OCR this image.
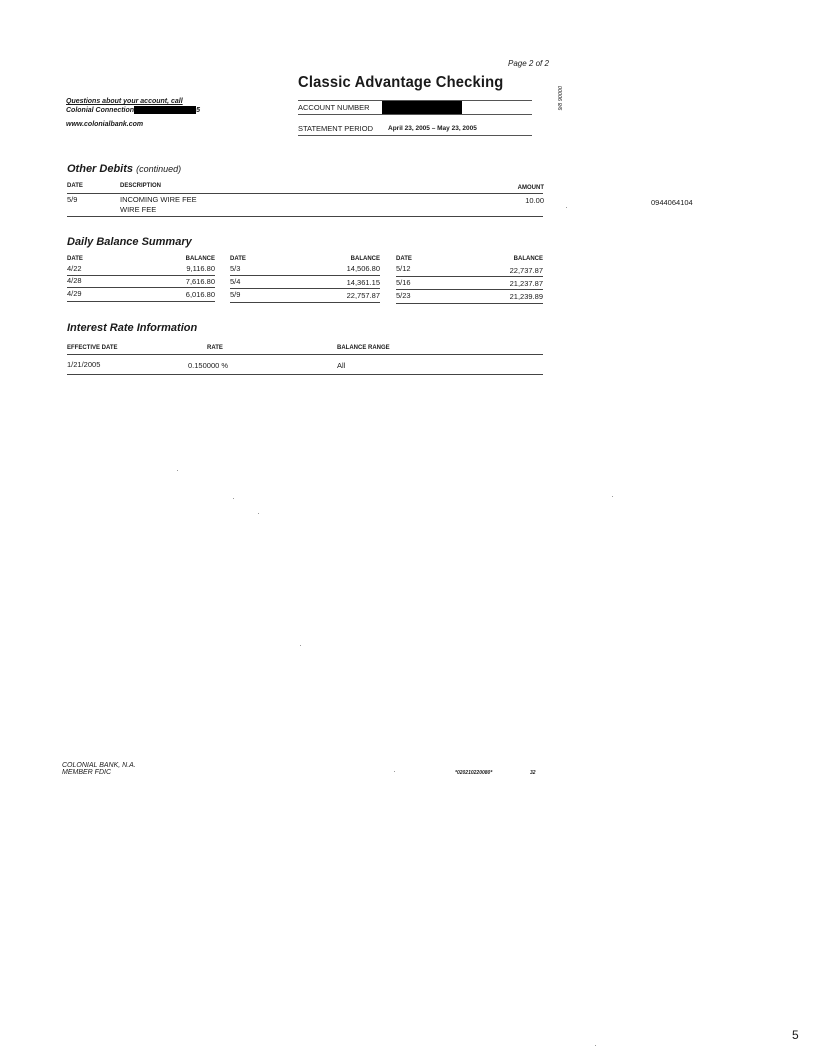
Page 2 of 2
Classic Advantage Checking
9/8 90000
Questions about your account, call
Colonial Connection	5
www.colonialbank.com
ACCOUNT NUMBER
STATEMENT PERIOD	April 23, 2005 – May 23, 2005
Other Debits (continued)
DATE	DESCRIPTION	AMOUNT
5/9	INCOMING WIRE FEE
WIRE FEE
10.00	0944064104
Daily Balance Summary
DATE	BALANCE	DATE	BALANCE	DATE	BALANCE
4/22	9,116.80 5/3	14,506.80 5/12	22,737.87
4/28	7,616.80 5/4	14,361.15 5/16	21,237.87
4/29	6,016.80 5/9	22,757.87 5/23	21,239.89
Interest Rate Information
EFFECTIVE DATE	RATE	BALANCE RANGE
1/21/2005	0.150000 %	All
COLONIAL BANK, N.A.
MEMBER FDIC	*020210220080*	32
5
